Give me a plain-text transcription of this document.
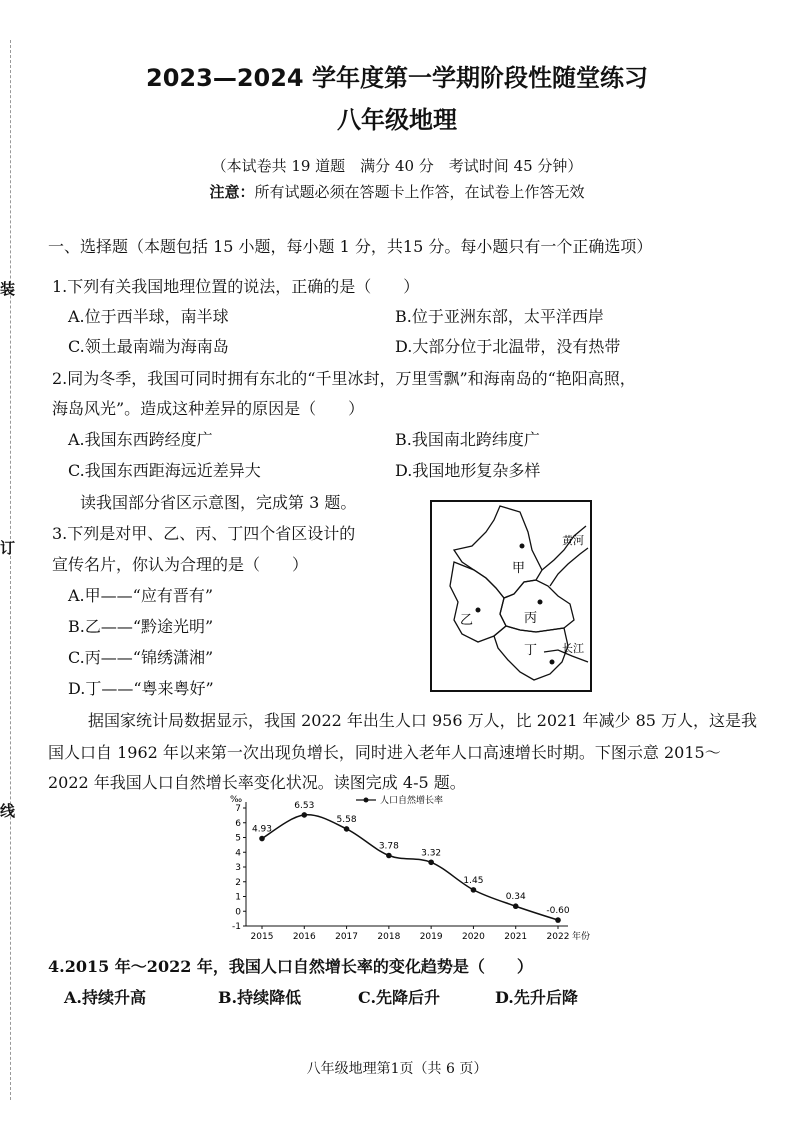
装
订
线
2023—2024 学年度第一学期阶段性随堂练习
八年级地理
（本试卷共 19 道题　满分 40 分　考试时间 45 分钟）
注意：所有试题必须在答题卡上作答，在试卷上作答无效
一、选择题（本题包括 15 小题，每小题 1 分，共15 分。每小题只有一个正确选项）
1.下列有关我国地理位置的说法，正确的是（　　）
A.位于西半球，南半球	B.位于亚洲东部，太平洋西岸
C.领土最南端为海南岛	D.大部分位于北温带，没有热带
2.同为冬季，我国可同时拥有东北的“千里冰封，万里雪飘”和海南岛的“艳阳高照，
海岛风光”。造成这种差异的原因是（　　）
A.我国东西跨经度广	B.我国南北跨纬度广
C.我国东西距海远近差异大	D.我国地形复杂多样
读我国部分省区示意图，完成第 3 题。
3.下列是对甲、乙、丙、丁四个省区设计的
宣传名片，你认为合理的是（　　）
A.甲——“应有晋有”
B.乙——“黔途光明”
C.丙——“锦绣潇湘”
D.丁——“粤来粤好”
甲
乙	丙
丁
黄河
长江
据国家统计局数据显示，我国 2022 年出生人口 956 万人，比 2021 年减少 85 万人，这是我
国人口自 1962 年以来第一次出现负增长，同时进入老年人口高速增长时期。下图示意 2015～
2022 年我国人口自然增长率变化状况。读图完成 4-5 题。
‰
-1
0
1
2
3
4
5
6
7
2015 2016 2017 2018 2019 2020 2021 2022 年份
人口自然增长率
4.93
6.53
5.58
3.78
3.32
1.45
0.34
-0.60
4.2015 年～2022 年，我国人口自然增长率的变化趋势是（　　）
A.持续升高	B.持续降低	C.先降后升	D.先升后降
八年级地理第1页（共 6 页）
